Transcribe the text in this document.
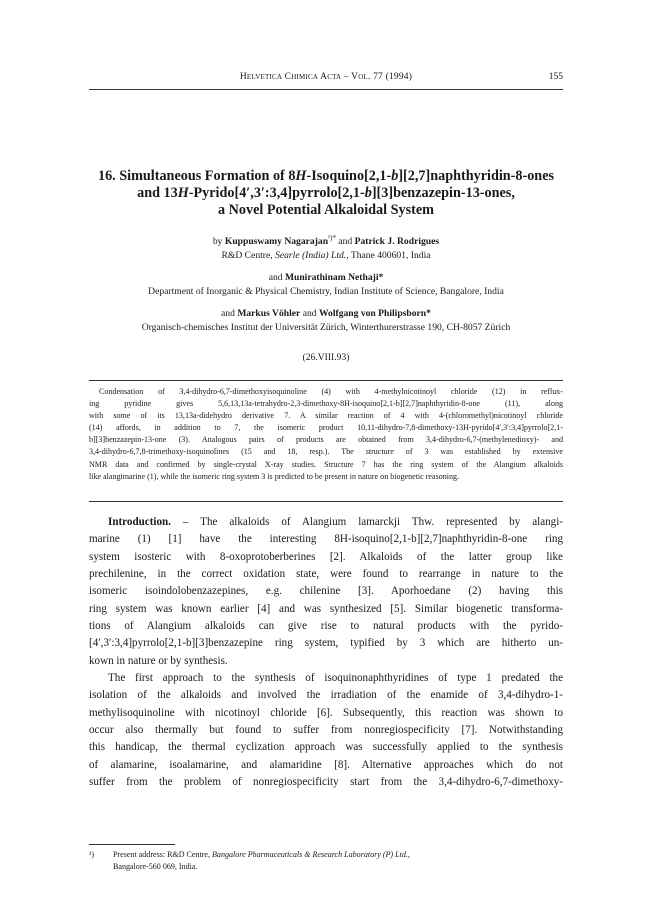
Helvetica Chimica Acta – Vol. 77 (1994)	155
16. Simultaneous Formation of 8H-Isoquino[2,1-b][2,7]naphthyridin-8-ones
and 13H-Pyrido[4′,3′:3,4]pyrrolo[2,1-b][3]benzazepin-13-ones,
a Novel Potential Alkaloidal System
by Kuppuswamy Nagarajan$^{^1)*}$ and Patrick J. Rodrigues
R&D Centre, Searle (India) Ltd., Thane 400601, India
and Munirathinam Nethaji*
Department of Inorganic & Physical Chemistry, Indian Institute of Science, Bangalore, India
and Markus Vöhler and Wolfgang von Philipsborn*
Organisch-chemisches Institut der Universität Zürich, Winterthurerstrasse 190, CH-8057 Zürich
(26.VIII.93)
Condensation of 3,4-dihydro-6,7-dimethoxyisoquinoline (4) with 4-methylnicotinoyl chloride (12) in reflux-
ing pyridine gives 5,6,13,13a-tetrahydro-2,3-dimethoxy-8H-isoquino[2,1-b][2,7]naphthyridin-8-one (11), along
with some of its 13,13a-didehydro derivative 7. A similar reaction of 4 with 4-(chloromethyl)nicotinoyl chloride
(14) affords, in addition to 7, the isomeric product 10,11-dihydro-7,8-dimethoxy-13H-pyrido[4′,3′:3,4]pyrrolo[2,1-
b][3]benzazepin-13-one (3). Analogous pairs of products are obtained from 3,4-dihydro-6,7-(methylenedioxy)- and
3,4-dihydro-6,7,8-trimethoxy-isoquinolines (15 and 18, resp.). The structure of 3 was established by extensive
NMR data and confirmed by single-crystal X-ray studies. Structure 7 has the ring system of the Alangium alkaloids
like alangimarine (1), while the isomeric ring system 3 is predicted to be present in nature on biogenetic reasoning.
Introduction. – The alkaloids of Alangium lamarckji Thw. represented by alangi-
marine (1) [1] have the interesting 8H-isoquino[2,1-b][2,7]naphthyridin-8-one ring
system isosteric with 8-oxoprotoberberines [2]. Alkaloids of the latter group like
prechilenine, in the correct oxidation state, were found to rearrange in nature to the
isomeric isoindolobenzazepines, e.g. chilenine [3]. Aporhoedane (2) having this
ring system was known earlier [4] and was synthesized [5]. Similar biogenetic transforma-
tions of Alangium alkaloids can give rise to natural products with the pyrido-
[4′,3′:3,4]pyrrolo[2,1-b][3]benzazepine ring system, typified by 3 which are hitherto un-
kown in nature or by synthesis.
The first approach to the synthesis of isoquinonaphthyridines of type 1 predated the
isolation of the alkaloids and involved the irradiation of the enamide of 3,4-dihydro-1-
methylisoquinoline with nicotinoyl chloride [6]. Subsequently, this reaction was shown to
occur also thermally but found to suffer from nonregiospecificity [7]. Notwithstanding
this handicap, the thermal cyclization approach was successfully applied to the synthesis
of alamarine, isoalamarine, and alamaridine [8]. Alternative approaches which do not
suffer from the problem of nonregiospecificity start from the 3,4-dihydro-6,7-dimethoxy-
¹) Present address: R&D Centre, Bangalore Pharmaceuticals & Research Laboratory (P) Ltd.,
Bangalore-560 069, India.
